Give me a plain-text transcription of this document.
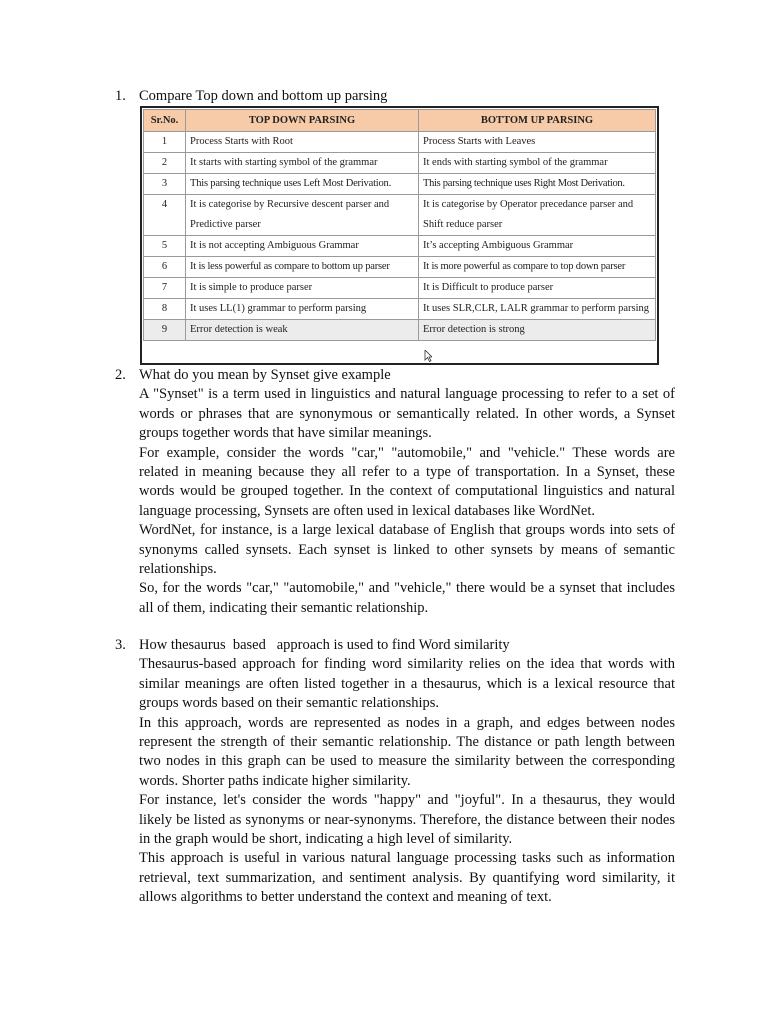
1. Compare Top down and bottom up parsing
Sr.No.	TOP DOWN PARSING	BOTTOM UP PARSING
1	Process Starts with Root	Process Starts with Leaves
2	It starts with starting symbol of the grammar	It ends with starting symbol of the grammar
3	This parsing technique uses Left Most Derivation.	This parsing technique uses Right Most Derivation.
4	It is categorise by Recursive descent parser and Predictive parser	It is categorise by Operator precedance parser and Shift reduce parser
5	It is not accepting Ambiguous Grammar	It’s accepting Ambiguous Grammar
6	It is less powerful as compare to bottom up parser	It is more powerful as compare to top down parser
7	It is simple to produce parser	It is Difficult to produce parser
8	It uses LL(1) grammar to perform parsing	It uses SLR,CLR, LALR grammar to perform parsing
9	Error detection is weak	Error detection is strong
2. What do you mean by Synset give example

A "Synset" is a term used in linguistics and natural language processing to refer to a set of words or phrases that are synonymous or semantically related. In other words, a Synset groups together words that have similar meanings.

For example, consider the words "car," "automobile," and "vehicle." These words are related in meaning because they all refer to a type of transportation. In a Synset, these words would be grouped together. In the context of computational linguistics and natural language processing, Synsets are often used in lexical databases like WordNet.

WordNet, for instance, is a large lexical database of English that groups words into sets of synonyms called synsets. Each synset is linked to other synsets by means of semantic relationships.

So, for the words "car," "automobile," and "vehicle," there would be a synset that includes all of them, indicating their semantic relationship.

3. How thesaurus  based   approach is used to find Word similarity

Thesaurus-based approach for finding word similarity relies on the idea that words with similar meanings are often listed together in a thesaurus, which is a lexical resource that groups words based on their semantic relationships.

In this approach, words are represented as nodes in a graph, and edges between nodes represent the strength of their semantic relationship. The distance or path length between two nodes in this graph can be used to measure the similarity between the corresponding words. Shorter paths indicate higher similarity.

For instance, let's consider the words "happy" and "joyful". In a thesaurus, they would likely be listed as synonyms or near-synonyms. Therefore, the distance between their nodes in the graph would be short, indicating a high level of similarity.

This approach is useful in various natural language processing tasks such as information retrieval, text summarization, and sentiment analysis. By quantifying word similarity, it allows algorithms to better understand the context and meaning of text.
